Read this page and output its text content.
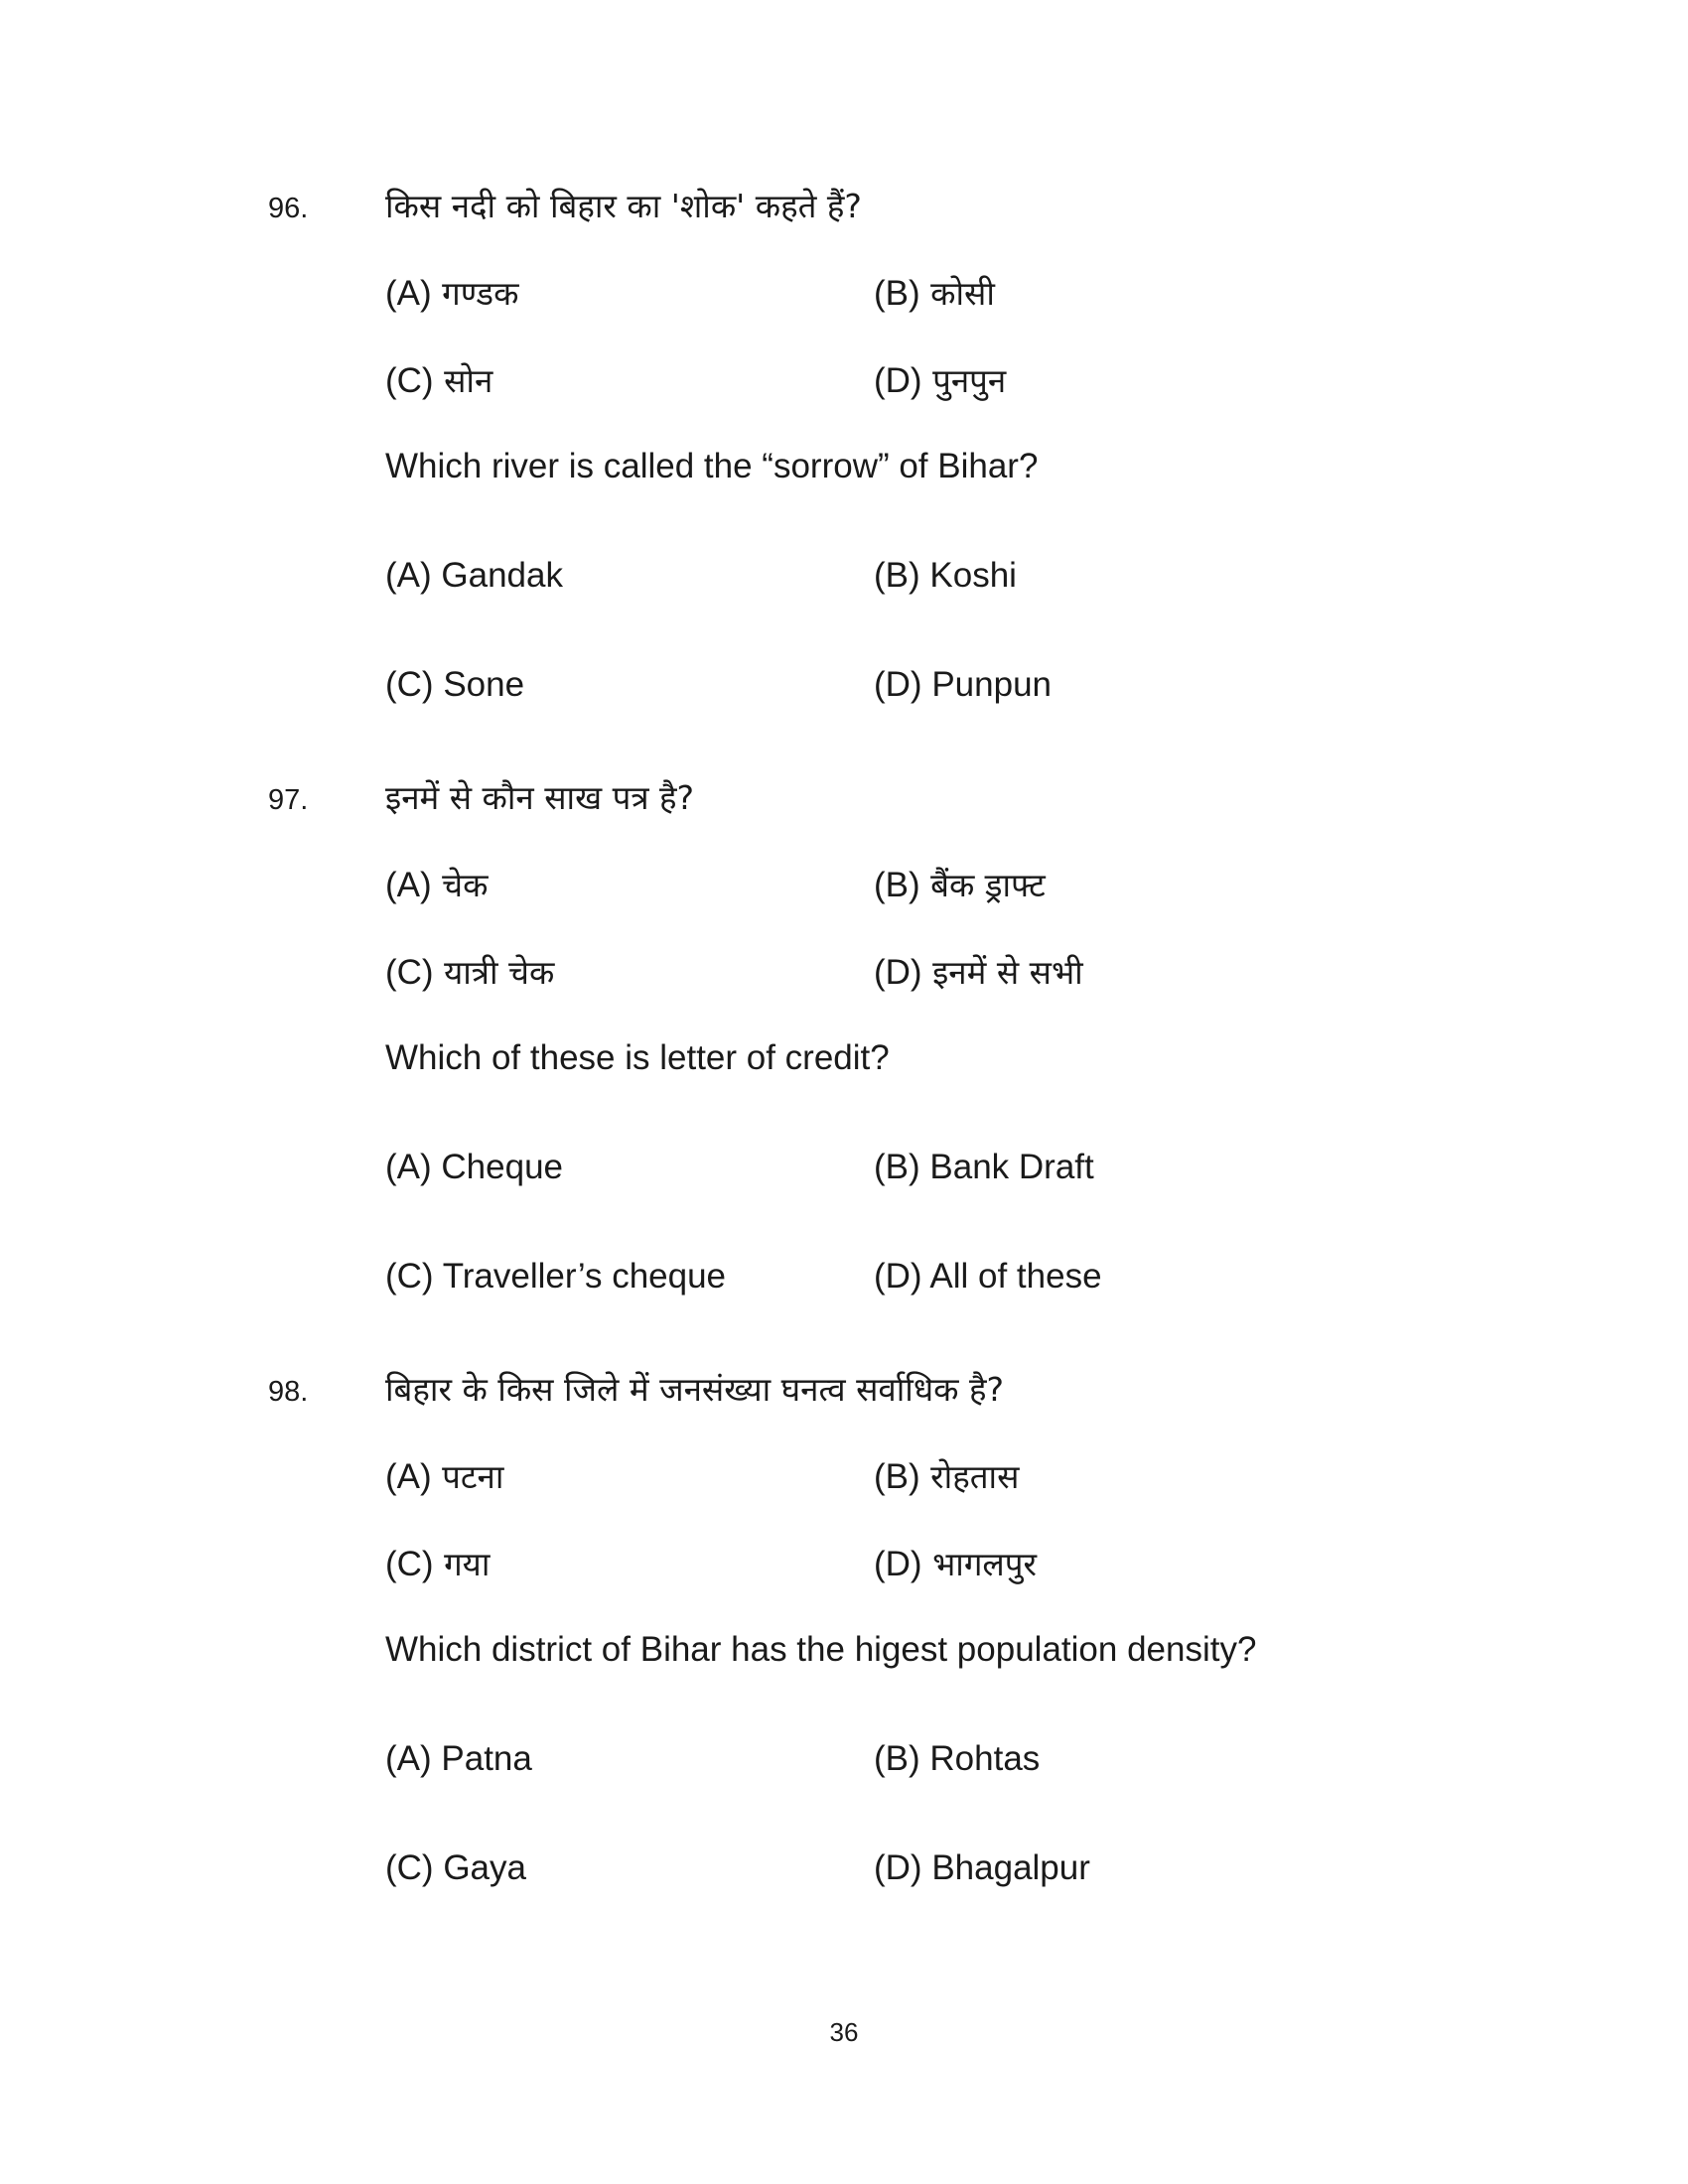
96. किस नदी को बिहार का 'शोक' कहते हैं?
(A) गण्डक	(B) कोसी
(C) सोन	(D) पुनपुन
Which river is called the “sorrow” of Bihar?
(A) Gandak	(B) Koshi
(C) Sone	(D) Punpun
97. इनमें से कौन साख पत्र है?
(A) चेक	(B) बैंक ड्राफ्ट
(C) यात्री चेक	(D) इनमें से सभी
Which of these is letter of credit?
(A) Cheque	(B) Bank Draft
(C) Traveller’s cheque	(D) All of these
98. बिहार के किस जिले में जनसंख्या घनत्व सर्वाधिक है?
(A) पटना	(B) रोहतास
(C) गया	(D) भागलपुर
Which district of Bihar has the higest population density?
(A) Patna	(B) Rohtas
(C) Gaya	(D) Bhagalpur
36
